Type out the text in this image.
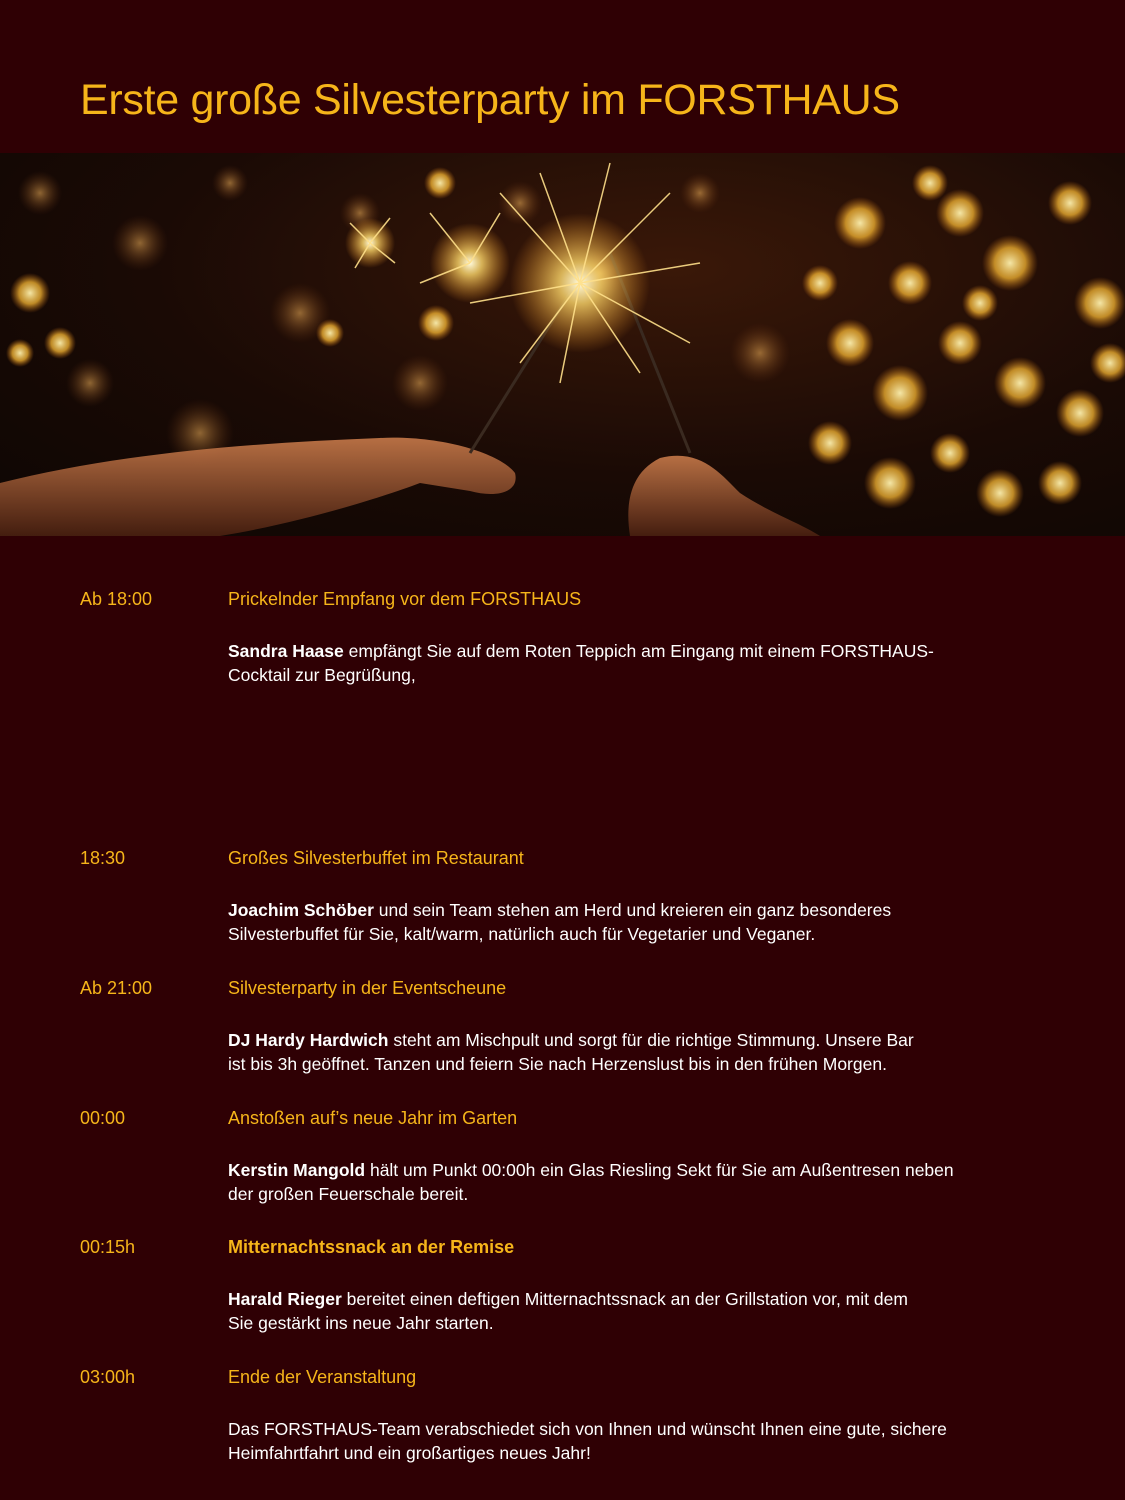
Erste große Silvesterparty im FORSTHAUS
Ab 18:00	Prickelnder Empfang vor dem FORSTHAUS

Sandra Haase empfängt Sie auf dem Roten Teppich am Eingang mit einem FORSTHAUS-
Cocktail zur Begrüßung,

18:30	Großes Silvesterbuffet im Restaurant

Joachim Schöber und sein Team stehen am Herd und kreieren ein ganz besonderes
Silvesterbuffet für Sie, kalt/warm, natürlich auch für Vegetarier und Veganer.

Ab 21:00	Silvesterparty in der Eventscheune

DJ Hardy Hardwich steht am Mischpult und sorgt für die richtige Stimmung. Unsere Bar
ist bis 3h geöffnet. Tanzen und feiern Sie nach Herzenslust bis in den frühen Morgen.

00:00	Anstoßen auf’s neue Jahr im Garten

Kerstin Mangold hält um Punkt 00:00h ein Glas Riesling Sekt für Sie am Außentresen neben
der großen Feuerschale bereit.

00:15h	Mitternachtssnack an der Remise

Harald Rieger bereitet einen deftigen Mitternachtssnack an der Grillstation vor, mit dem
Sie gestärkt ins neue Jahr starten.

03:00h	Ende der Veranstaltung

Das FORSTHAUS-Team verabschiedet sich von Ihnen und wünscht Ihnen eine gute, sichere
Heimfahrtfahrt und ein großartiges neues Jahr!
